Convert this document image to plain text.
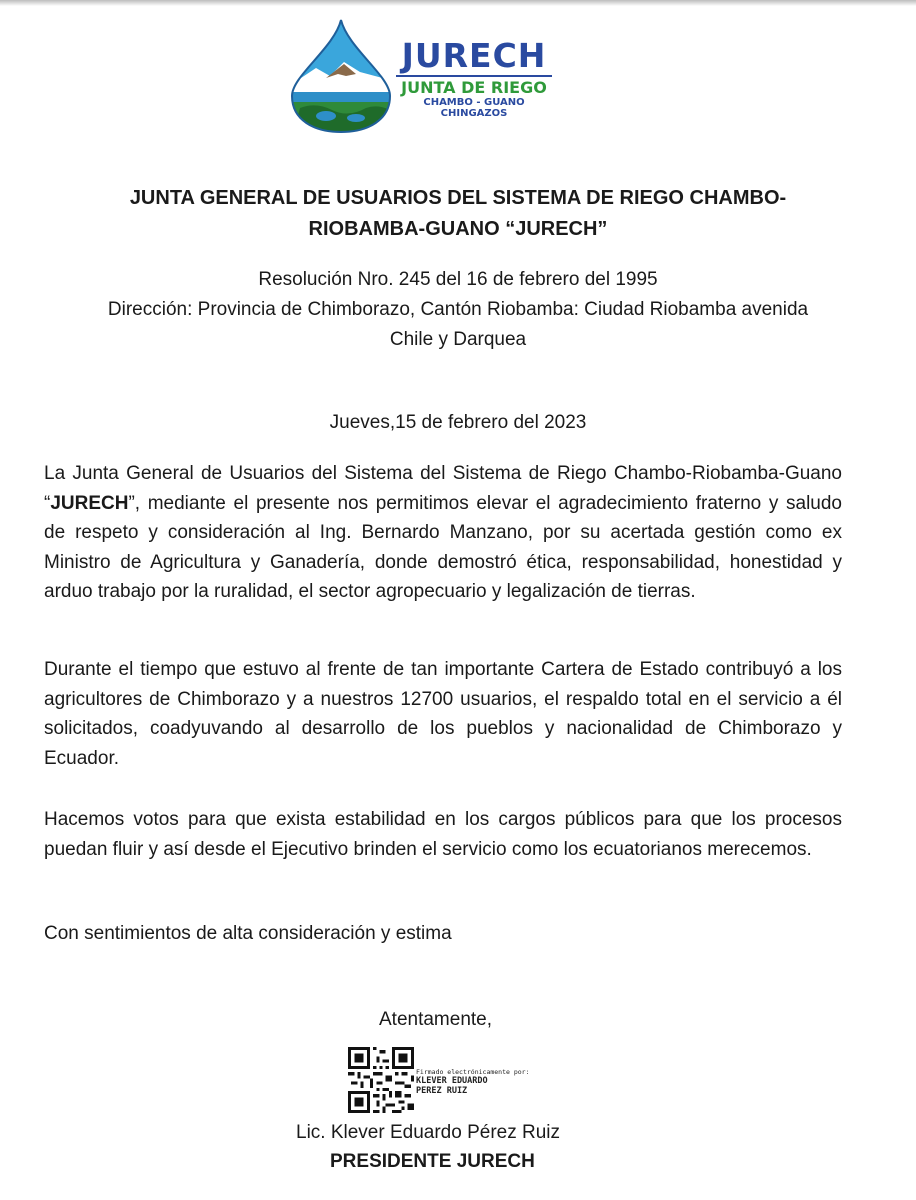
JURECH
JUNTA DE RIEGO
CHAMBO - GUANO
CHINGAZOS
JUNTA GENERAL DE USUARIOS DEL SISTEMA DE RIEGO CHAMBO-
RIOBAMBA-GUANO “JURECH”
Resolución Nro. 245 del 16 de febrero del 1995
Dirección: Provincia de Chimborazo, Cantón Riobamba: Ciudad Riobamba avenida
Chile y Darquea
Jueves,15 de febrero del 2023

La Junta General de Usuarios del Sistema del Sistema de Riego Chambo-Riobamba-Guano “JURECH”, mediante el presente nos permitimos elevar el agradecimiento fraterno y saludo de respeto y consideración al Ing. Bernardo Manzano, por su acertada gestión como ex Ministro de Agricultura y Ganadería, donde demostró ética, responsabilidad, honestidad y arduo trabajo por la ruralidad, el sector agropecuario y legalización de tierras.

Durante el tiempo que estuvo al frente de tan importante Cartera de Estado contribuyó a los agricultores de Chimborazo y a nuestros 12700 usuarios, el respaldo total en el servicio a él solicitados, coadyuvando al desarrollo de los pueblos y nacionalidad de Chimborazo y Ecuador.

Hacemos votos para que exista estabilidad en los cargos públicos para que los procesos puedan fluir y así desde el Ejecutivo brinden el servicio como los ecuatorianos merecemos.

Con sentimientos de alta consideración y estima

Atentamente,
Firmado electrónicamente por:
KLEVER EDUARDO
PEREZ RUIZ
Lic. Klever Eduardo Pérez Ruiz
PRESIDENTE JURECH
